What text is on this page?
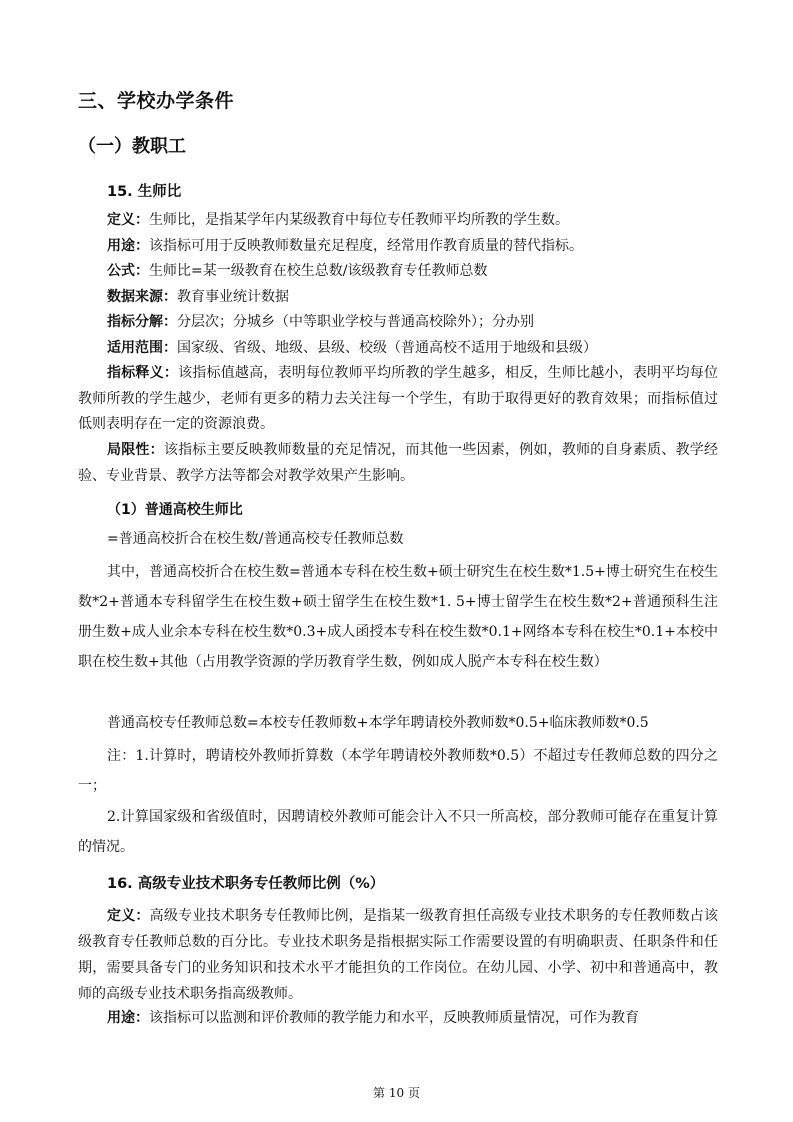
三、学校办学条件
（一）教职工
15. 生师比
定义：生师比，是指某学年内某级教育中每位专任教师平均所教的学生数。
用途：该指标可用于反映教师数量充足程度，经常用作教育质量的替代指标。
公式：生师比=某一级教育在校生总数/该级教育专任教师总数
数据来源：教育事业统计数据
指标分解：分层次；分城乡（中等职业学校与普通高校除外）；分办别
适用范围：国家级、省级、地级、县级、校级（普通高校不适用于地级和县级）
指标释义：该指标值越高，表明每位教师平均所教的学生越多，相反，生师比越小，表明平均每位教师所教的学生越少，老师有更多的精力去关注每一个学生，有助于取得更好的教育效果；而指标值过低则表明存在一定的资源浪费。
局限性：该指标主要反映教师数量的充足情况，而其他一些因素，例如，教师的自身素质、教学经验、专业背景、教学方法等都会对教学效果产生影响。
（1）普通高校生师比
=普通高校折合在校生数/普通高校专任教师总数
其中，普通高校折合在校生数=普通本专科在校生数+硕士研究生在校生数*1.5+博士研究生在校生数*2+普通本专科留学生在校生数+硕士留学生在校生数*1. 5+博士留学生在校生数*2+普通预科生注册生数+成人业余本专科在校生数*0.3+成人函授本专科在校生数*0.1+网络本专科在校生*0.1+本校中职在校生数+其他（占用教学资源的学历教育学生数，例如成人脱产本专科在校生数）
普通高校专任教师总数=本校专任教师数+本学年聘请校外教师数*0.5+临床教师数*0.5
注：1.计算时，聘请校外教师折算数（本学年聘请校外教师数*0.5）不超过专任教师总数的四分之一；
2.计算国家级和省级值时，因聘请校外教师可能会计入不只一所高校，部分教师可能存在重复计算的情况。
16. 高级专业技术职务专任教师比例（%）
定义：高级专业技术职务专任教师比例，是指某一级教育担任高级专业技术职务的专任教师数占该级教育专任教师总数的百分比。专业技术职务是指根据实际工作需要设置的有明确职责、任职条件和任期，需要具备专门的业务知识和技术水平才能担负的工作岗位。在幼儿园、小学、初中和普通高中，教师的高级专业技术职务指高级教师。
用途：该指标可以监测和评价教师的教学能力和水平，反映教师质量情况，可作为教育
第 10 页
